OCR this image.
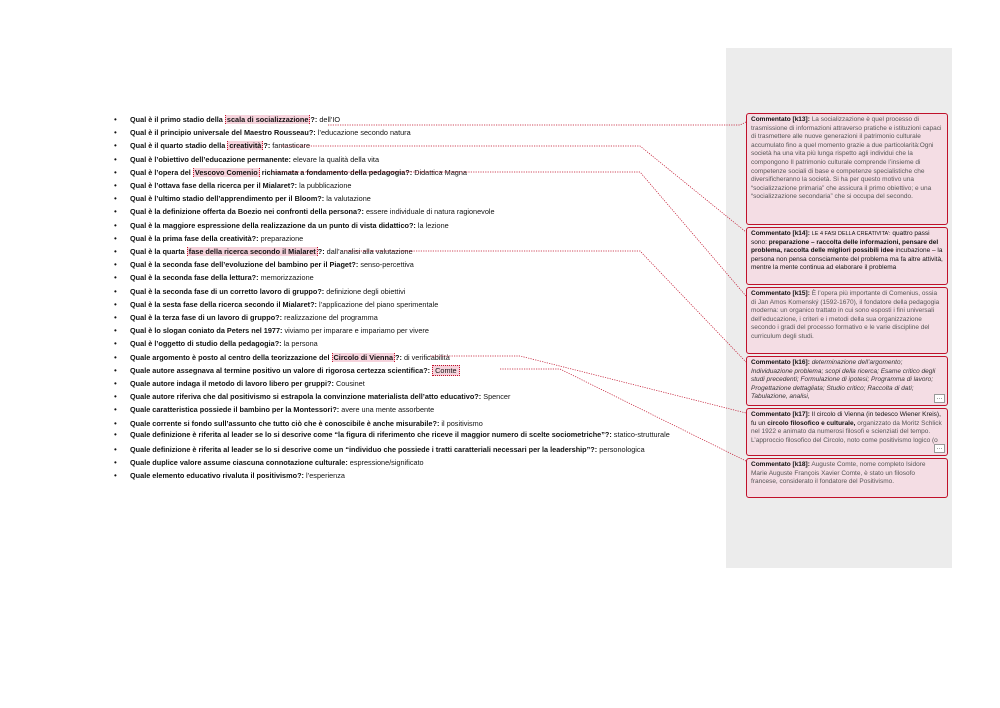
• Qual è il primo stadio della scala di socializzazione ?: dell’IO
• Qual è il principio universale del Maestro Rousseau?: l’educazione secondo natura
• Qual è il quarto stadio della creatività ?: fantasticare
• Qual è l’obiettivo dell’educazione permanente: elevare la qualità della vita
• Qual è l’opera del Vescovo Comenio richiamata a fondamento della pedagogia?: Didattica Magna
• Qual è l’ottava fase della ricerca per il Mialaret?: la pubblicazione
• Qual è l’ultimo stadio dell’apprendimento per il Bloom?: la valutazione
• Qual è la definizione offerta da Boezio nei confronti della persona?: essere individuale di natura ragionevole
• Qual è la maggiore espressione della realizzazione da un punto di vista didattico?: la lezione
• Qual è la prima fase della creatività?: preparazione
• Qual è la quarta fase della ricerca secondo il Mialaret ?: dall’analisi alla valutazione
• Qual è la seconda fase dell’evoluzione del bambino per il Piaget?: senso-percettiva
• Qual è la seconda fase della lettura?: memorizzazione
• Qual è la seconda fase di un corretto lavoro di gruppo?: definizione degli obiettivi
• Qual è la sesta fase della ricerca secondo il Mialaret?: l’applicazione del piano sperimentale
• Qual è la terza fase di un lavoro di gruppo?: realizzazione del programma
• Qual è lo slogan coniato da Peters nel 1977: viviamo per imparare e impariamo per vivere
• Qual è l’oggetto di studio della pedagogia?: la persona
• Quale argomento è posto al centro della teorizzazione del Circolo di Vienna ?: di verificabilità
• Quale autore assegnava al termine positivo un valore di rigorosa certezza scientifica?: Comte
• Quale autore indaga il metodo di lavoro libero per gruppi?: Cousinet
• Quale autore riferiva che dal positivismo si estrapola la convinzione materialista dell’atto educativo?: Spencer
• Quale caratteristica possiede il bambino per la Montessori?: avere una mente assorbente
• Quale corrente si fondo sull’assunto che tutto ciò che è conoscibile è anche misurabile?: il positivismo
• Quale definizione è riferita al leader se lo si descrive come “la figura di riferimento che riceve il maggior numero di scelte sociometriche”?: statico-strutturale
• Quale definizione è riferita al leader se lo si descrive come un “individuo che possiede i tratti caratteriali necessari per la leadership”?: personologica
• Quale duplice valore assume ciascuna connotazione culturale: espressione/significato
• Quale elemento educativo rivaluta il positivismo?: l’esperienza
Commentato [k13]: La socializzazione è quel processo di trasmissione di informazioni attraverso pratiche e istituzioni capaci di trasmettere alle nuove generazioni il patrimonio culturale accumulato fino a quel momento grazie a due particolarità:Ogni società ha una vita più lunga rispetto agli individui che la compongono Il patrimonio culturale comprende l’insieme di competenze sociali di base e competenze specialistiche che diversificheranno la società. Si ha per questo motivo una “socializzazione primaria” che assicura il primo obiettivo; e una “socializzazione secondaria” che si occupa del secondo.
Commentato [k14]: LE 4 FASI DELLA CREATIVITA’: quattro passi sono: preparazione – raccolta delle informazioni, pensare del problema, raccolta delle migliori possibili idee incubazione – la persona non pensa consciamente del problema ma fa altre attività, mentre la mente continua ad elaborare il problema
Commentato [k15]: È l’opera più importante di Comenius, ossia di Jan Amos Komenský (1592-1670), il fondatore della pedagogia moderna: un organico trattato in cui sono esposti i fini universali dell’educazione, i criteri e i metodi della sua organizzazione secondo i gradi del processo formativo e le varie discipline del curriculum degli studi.
Commentato [k16]: determinazione dell’argomento; Individuazione problema; scopi della ricerca; Esame critico degli studi precedenti; Formulazione di ipotesi; Programma di lavoro; Progettazione dettagliata; Studio critico; Raccolta di dati; Tabulazione, analisi,	…
Commentato [k17]: Il circolo di Vienna (in tedesco Wiener Kreis), fu un circolo filosofico e culturale, organizzato da Moritz Schlick nel 1922 e animato da numerosi filosofi e scienziati del tempo. L’approccio filosofico del Circolo, noto come positivismo logico (o
…
Commentato [k18]: Auguste Comte, nome completo Isidore Marie Auguste François Xavier Comte, è stato un filosofo francese, considerato il fondatore del Positivismo.
